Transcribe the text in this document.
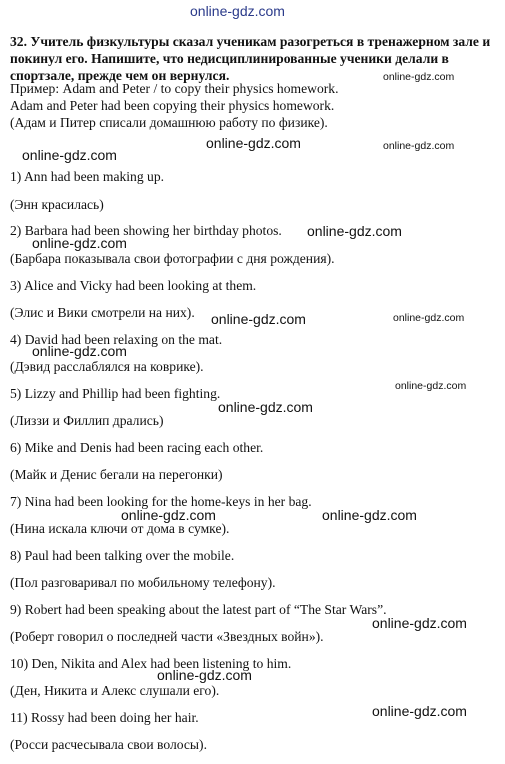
online-gdz.com
32. Учитель физкультуры сказал ученикам разогреться в тренажерном зале и покинул его. Напишите, что недисциплинированные ученики делали в спортзале, прежде чем он вернулся.
Пример: Adam and Peter / to copy their physics homework.
Adam and Peter had been copying their physics homework.
(Адам и Питер списали домашнюю работу по физике).
1) Ann had been making up.
(Энн красилась)
2) Barbara had been showing her birthday photos.
(Барбара показывала свои фотографии с дня рождения).
3) Alice and Vicky had been looking at them.
(Элис и Вики смотрели на них).
4) David had been relaxing on the mat.
(Дэвид расслаблялся на коврике).
5) Lizzy and Phillip had been fighting.
(Лиззи и Филлип дрались)
6) Mike and Denis had been racing each other.
(Майк и Денис бегали на перегонки)
7) Nina had been looking for the home-keys in her bag.
(Нина искала ключи от дома в сумке).
8) Paul had been talking over the mobile.
(Пол разговаривал по мобильному телефону).
9) Robert had been speaking about the latest part of “The Star Wars”.
(Роберт говорил о последней части «Звездных войн»).
10) Den, Nikita and Alex had been listening to him.
(Ден, Никита и Алекс слушали его).
11) Rossy had been doing her hair.
(Росси расчесывала свои волосы).
online-gdz.com
online-gdz.com	online-gdz.com
online-gdz.com
online-gdz.com
online-gdz.com
online-gdz.com	online-gdz.com
online-gdz.com
online-gdz.com
online-gdz.com
online-gdz.com	online-gdz.com
online-gdz.com
online-gdz.com
online-gdz.com
